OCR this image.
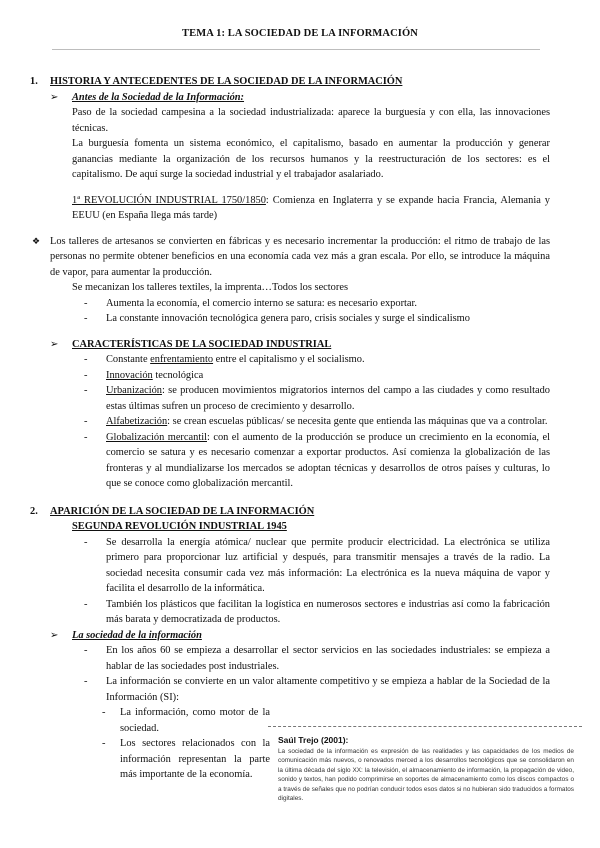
TEMA 1: LA SOCIEDAD DE LA INFORMACIÓN

1. HISTORIA Y ANTECEDENTES DE LA SOCIEDAD DE LA INFORMACIÓN

➢ Antes de la Sociedad de la Información:

Paso de la sociedad campesina a la sociedad industrializada: aparece la burguesía y con ella, las innovaciones técnicas.

La burguesía fomenta un sistema económico, el capitalismo, basado en aumentar la producción y generar ganancias mediante la organización de los recursos humanos y la reestructuración de los sectores: es el capitalismo. De aquí surge la sociedad industrial y el trabajador asalariado.

1ª REVOLUCIÓN INDUSTRIAL 1750/1850: Comienza en Inglaterra y se expande hacia Francia, Alemania y EEUU (en España llega más tarde)

❖ Los talleres de artesanos se convierten en fábricas y es necesario incrementar la producción: el ritmo de trabajo de las personas no permite obtener beneficios en una economía cada vez más a gran escala. Por ello, se introduce la máquina de vapor, para aumentar la producción.

Se mecanizan los talleres textiles, la imprenta…Todos los sectores

- Aumenta la economía, el comercio interno se satura: es necesario exportar.

- La constante innovación tecnológica genera paro, crisis sociales y surge el sindicalismo

➢ CARACTERÍSTICAS DE LA SOCIEDAD INDUSTRIAL

- Constante enfrentamiento entre el capitalismo y el socialismo.

- Innovación tecnológica

- Urbanización: se producen movimientos migratorios internos del campo a las ciudades y como resultado estas últimas sufren un proceso de crecimiento y desarrollo.

- Alfabetización: se crean escuelas públicas/ se necesita gente que entienda las máquinas que va a controlar.

- Globalización mercantil: con el aumento de la producción se produce un crecimiento en la economía, el comercio se satura y es necesario comenzar a exportar productos. Así comienza la globalización de las fronteras y al mundializarse los mercados se adoptan técnicas y desarrollos de otros países y culturas, lo que se conoce como globalización mercantil.

2. APARICIÓN DE LA SOCIEDAD DE LA INFORMACIÓN

SEGUNDA REVOLUCIÓN INDUSTRIAL 1945

- Se desarrolla la energía atómica/ nuclear que permite producir electricidad. La electrónica se utiliza primero para proporcionar luz artificial y después, para transmitir mensajes a través de la radio. La sociedad necesita consumir cada vez más información: La electrónica es la nueva máquina de vapor y facilita el desarrollo de la informática.

- También los plásticos que facilitan la logística en numerosos sectores e industrias así como la fabricación más barata y democratizada de productos.

➢ La sociedad de la información

- En los años 60 se empieza a desarrollar el sector servicios en las sociedades industriales: se empieza a hablar de las sociedades post industriales.

- La información se convierte en un valor altamente competitivo y se empieza a hablar de la Sociedad de la Información (SI):

- La información, como motor de la sociedad.

- Los sectores relacionados con la información representan la parte más importante de la economía.

Saúl Trejo (2001):
La sociedad de la información es expresión de las realidades y las capacidades de los medios de comunicación más nuevos, o renovados merced a los desarrollos tecnológicos que se consolidaron en la última década del siglo XX: la televisión, el almacenamiento de información, la propagación de video, sonido y textos, han podido comprimirse en soportes de almacenamiento como los discos compactos o a través de señales que no podrían conducir todos esos datos si no hubieran sido traducidos a formatos digitales.
